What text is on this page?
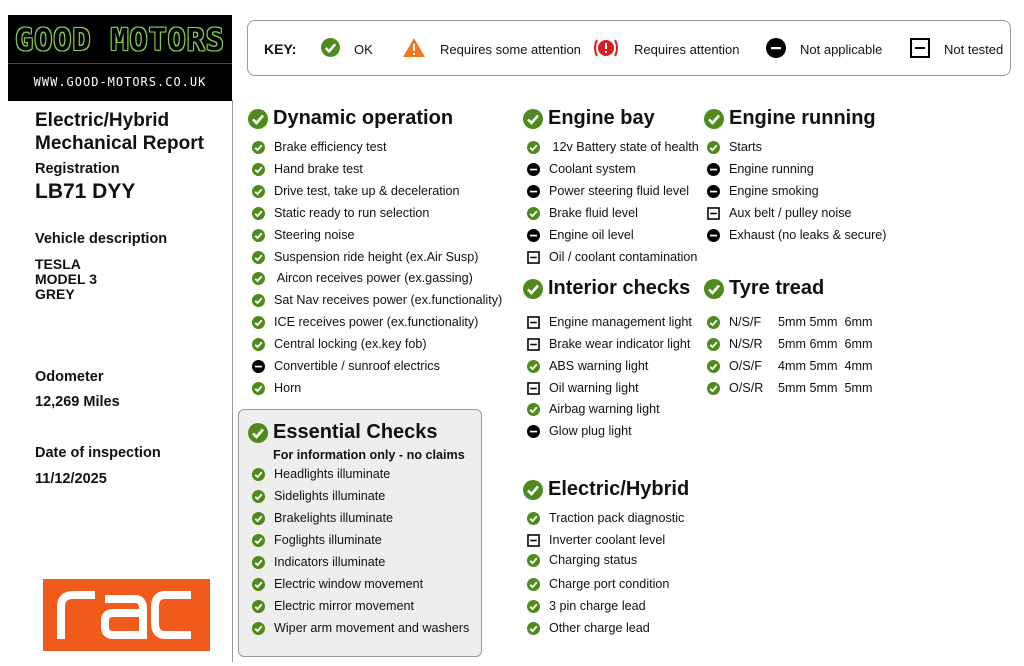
GOOD MOTORS
WWW.GOOD-MOTORS.CO.UK
Electric/Hybrid
Mechanical Report
Registration
LB71 DYY
Vehicle description
TESLA
MODEL 3
GREY
Odometer
12,269 Miles
Date of inspection
11/12/2025
KEY:	OK	Requires some attention	Requires attention	Not applicable	Not tested
Dynamic operation	Engine bay	Engine running
Interior checks Tyre tread
Electric/Hybrid
Essential Checks
For information only - no claims
Brake efficiency test
Hand brake test
Drive test, take up & deceleration
Static ready to run selection
Steering noise
Suspension ride height (ex.Air Susp)
Aircon receives power (ex.gassing)
Sat Nav receives power (ex.functionality)
ICE receives power (ex.functionality)
Central locking (ex.key fob)
Convertible / sunroof electrics
Horn
Headlights illuminate
Sidelights illuminate
Brakelights illuminate
Foglights illuminate
Indicators illuminate
Electric window movement
Electric mirror movement
Wiper arm movement and washers
12v Battery state of health
Coolant system
Power steering fluid level
Brake fluid level
Engine oil level
Oil / coolant contamination
Engine management light
Brake wear indicator light
ABS warning light
Oil warning light
Airbag warning light
Glow plug light
Traction pack diagnostic
Inverter coolant level
Charging status
Charge port condition
3 pin charge lead
Other charge lead
Starts
Engine running
Engine smoking
Aux belt / pulley noise
Exhaust (no leaks & secure)
N/S/F 5mm 5mm  6mm
N/S/R 5mm 6mm  6mm
O/S/F 4mm 5mm  4mm
O/S/R 5mm 5mm  5mm
